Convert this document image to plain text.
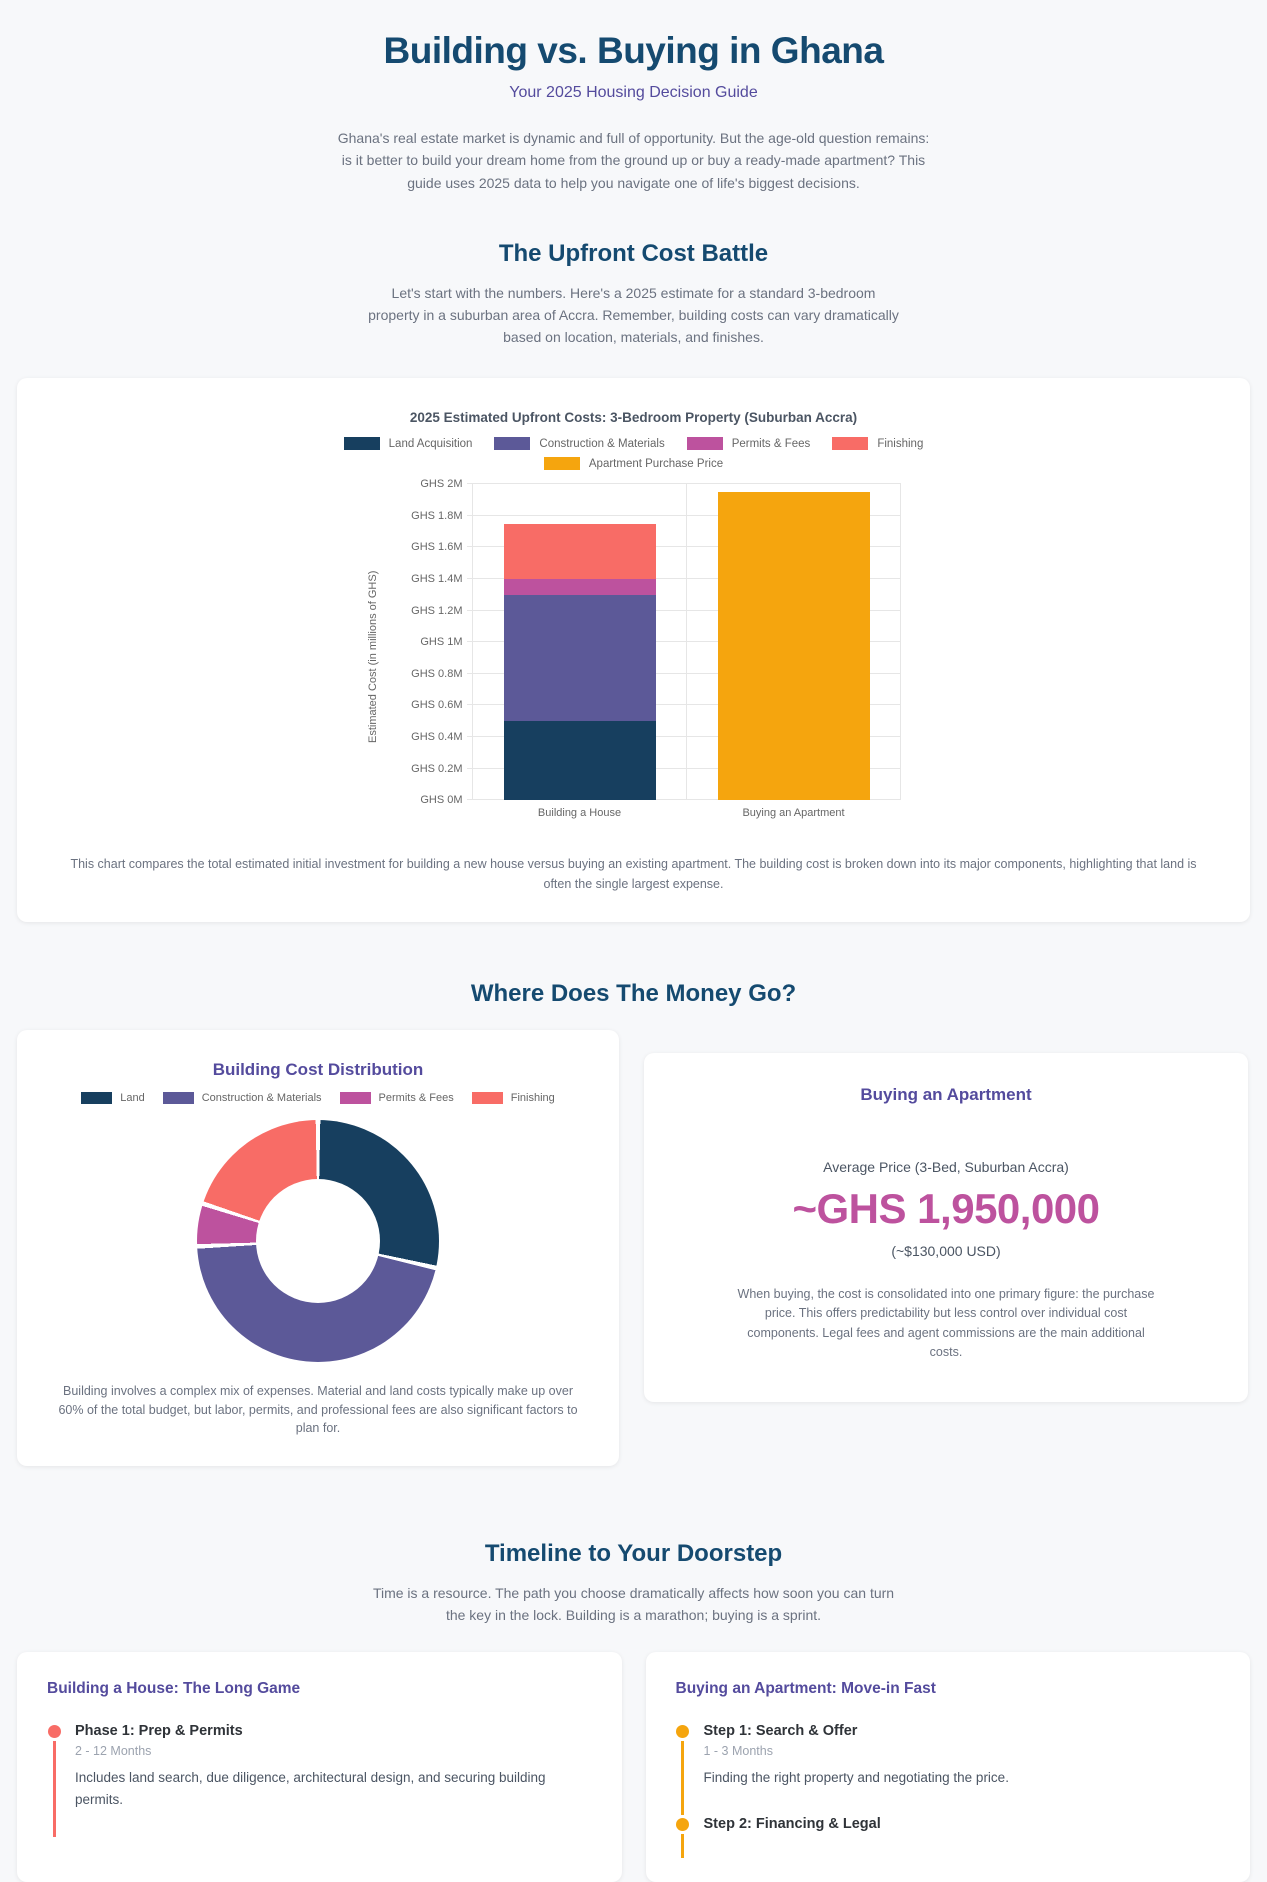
Building vs. Buying in Ghana
Your 2025 Housing Decision Guide

Ghana's real estate market is dynamic and full of opportunity. But the age-old question remains: is it better to build your dream home from the ground up or buy a ready-made apartment? This guide uses 2025 data to help you navigate one of life's biggest decisions.

The Upfront Cost Battle

Let's start with the numbers. Here's a 2025 estimate for a standard 3-bedroom property in a suburban area of Accra. Remember, building costs can vary dramatically based on location, materials, and finishes.

2025 Estimated Upfront Costs: 3-Bedroom Property (Suburban Accra)
Land Acquisition	Construction & Materials	Permits & Fees	Finishing
Apartment Purchase Price
Estimated Cost (in millions of GHS)
GHS 0M
GHS 0.2M
GHS 0.4M
GHS 0.6M
GHS 0.8M
GHS 1M
GHS 1.2M
GHS 1.4M
GHS 1.6M
GHS 1.8M
GHS 2M
Building a House	Buying an Apartment

This chart compares the total estimated initial investment for building a new house versus buying an existing apartment. The building cost is broken down into its major components, highlighting that land is often the single largest expense.

Where Does The Money Go?
Building Cost Distribution
Land	Construction & Materials	Permits & Fees	Finishing

Building involves a complex mix of expenses. Material and land costs typically make up over 60% of the total budget, but labor, permits, and professional fees are also significant factors to plan for.

Buying an Apartment
Average Price (3-Bed, Suburban Accra)
~GHS 1,950,000
(~$130,000 USD)

When buying, the cost is consolidated into one primary figure: the purchase price. This offers predictability but less control over individual cost components. Legal fees and agent commissions are the main additional costs.

Timeline to Your Doorstep

Time is a resource. The path you choose dramatically affects how soon you can turn the key in the lock. Building is a marathon; buying is a sprint.

Building a House: The Long Game
Phase 1: Prep & Permits
2 - 12 Months
Includes land search, due diligence, architectural design, and securing building permits.
Buying an Apartment: Move-in Fast
Step 1: Search & Offer
1 - 3 Months
Finding the right property and negotiating the price.
Step 2: Financing & Legal
